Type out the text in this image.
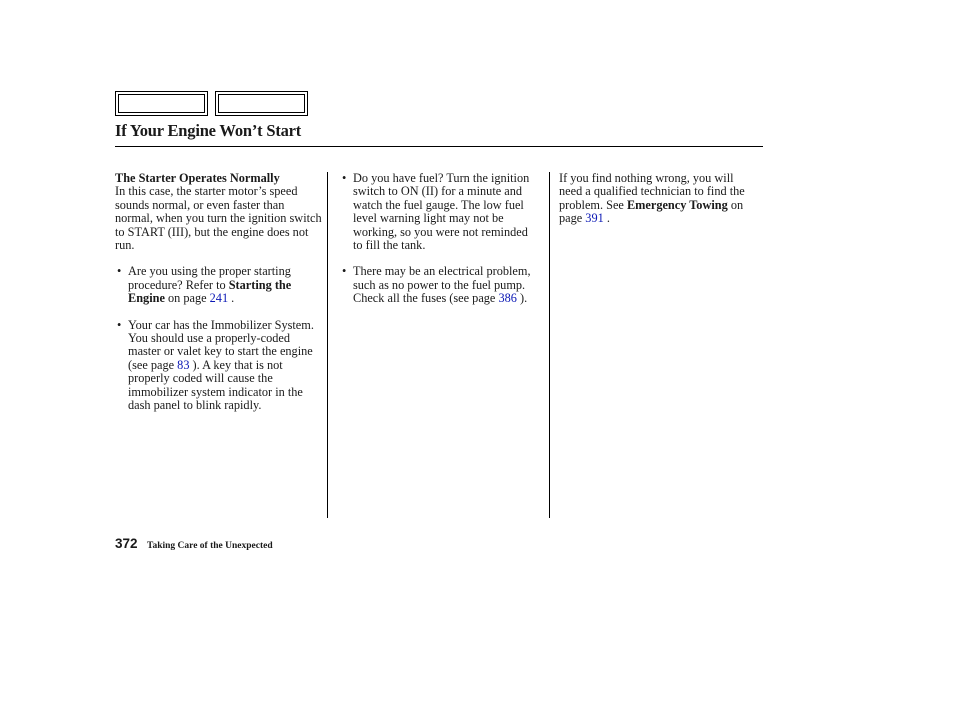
If Your Engine Won’t Start

The Starter Operates Normally

In this case, the starter motor’s speed sounds normal, or even faster than normal, when you turn the ignition switch to START (III), but the engine does not run.

• Are you using the proper starting procedure? Refer to Starting the Engine on page 241 .
• Your car has the Immobilizer System. You should use a properly-coded master or valet key to start the engine (see page 83 ). A key that is not properly coded will cause the immobilizer system indicator in the dash panel to blink rapidly.
• Do you have fuel? Turn the ignition switch to ON (II) for a minute and watch the fuel gauge. The low fuel level warning light may not be working, so you were not reminded to fill the tank.
• There may be an electrical problem, such as no power to the fuel pump. Check all the fuses (see page 386 ).

If you find nothing wrong, you will need a qualified technician to find the problem. See Emergency Towing on page 391 .

372 Taking Care of the Unexpected
